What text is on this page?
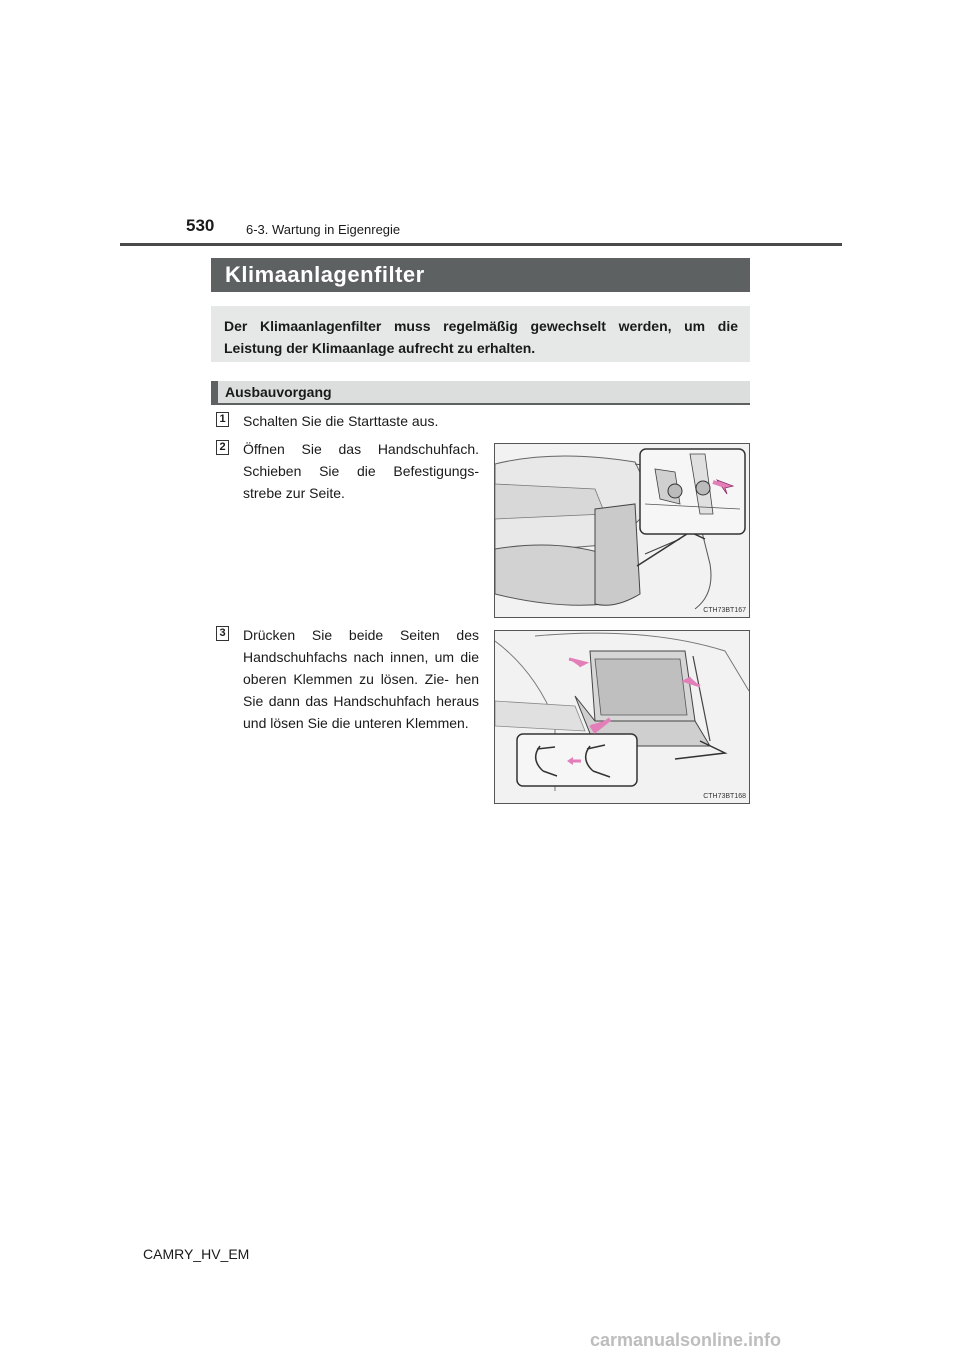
530 6-3. Wartung in Eigenregie
Klimaanlagenfilter
Der Klimaanlagenfilter muss regelmäßig gewechselt werden, um die Leistung der Klimaanlage aufrecht zu erhalten.
Ausbauvorgang
1 Schalten Sie die Starttaste aus.
2 Öffnen Sie das Handschuhfach. Schieben Sie die Befestigungs- strebe zur Seite.
CTH73BT167
3 Drücken Sie beide Seiten des Handschuhfachs nach innen, um die oberen Klemmen zu lösen. Zie- hen Sie dann das Handschuhfach heraus und lösen Sie die unteren Klemmen.
CTH73BT168
CAMRY_HV_EM
carmanualsonline.info
